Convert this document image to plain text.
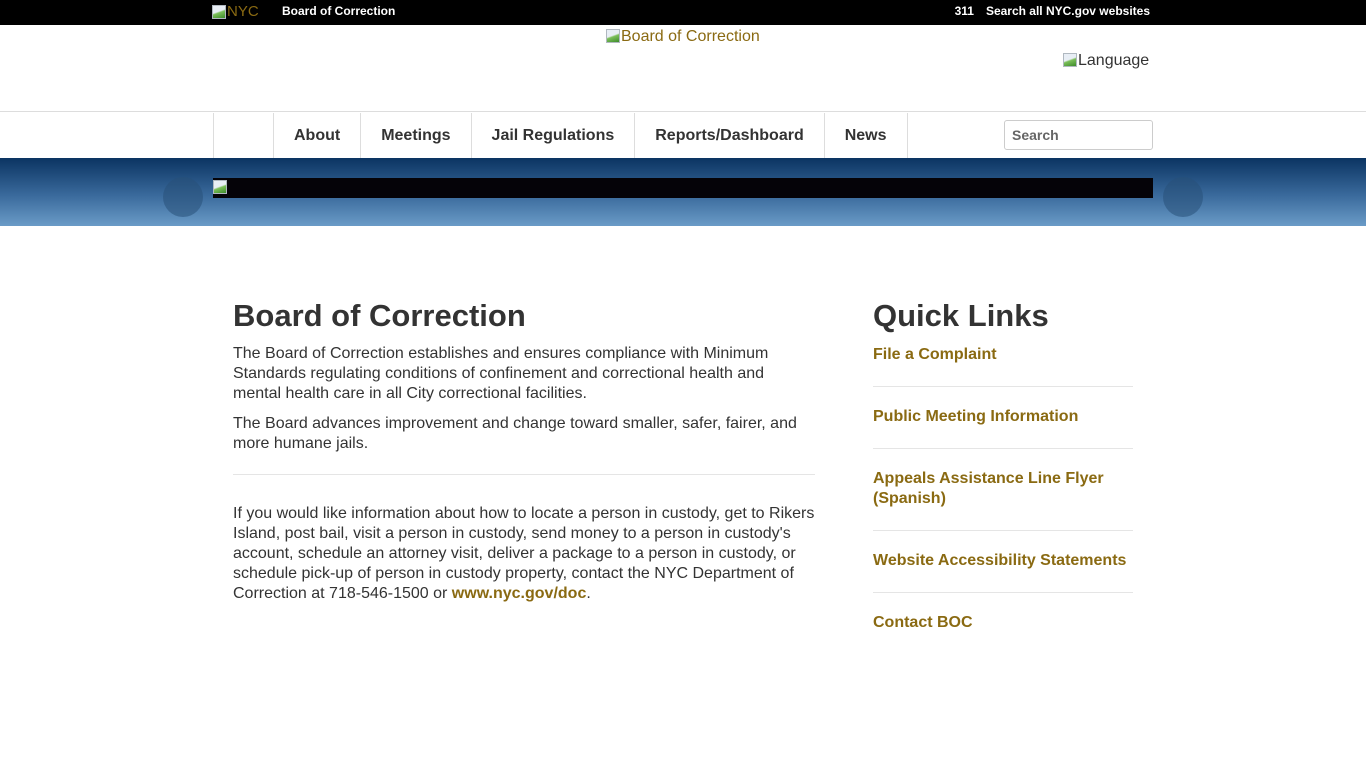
NYC Board of Correction	311 Search all NYC.gov websites
Board of Correction
Language
About	Meetings	Jail Regulations	Reports/Dashboard	News
Search
Board of Correction

The Board of Correction establishes and ensures compliance with Minimum Standards regulating conditions of confinement and correctional health and mental health care in all City correctional facilities.

The Board advances improvement and change toward smaller, safer, fairer, and more humane jails.

If you would like information about how to locate a person in custody, get to Rikers Island, post bail, visit a person in custody, send money to a person in custody's account, schedule an attorney visit, deliver a package to a person in custody, or schedule pick-up of person in custody property, contact the NYC Department of Correction at 718-546-1500 or www.nyc.gov/doc.

Quick Links
File a Complaint
Public Meeting Information
Appeals Assistance Line Flyer (Spanish)
Website Accessibility Statements
Contact BOC
